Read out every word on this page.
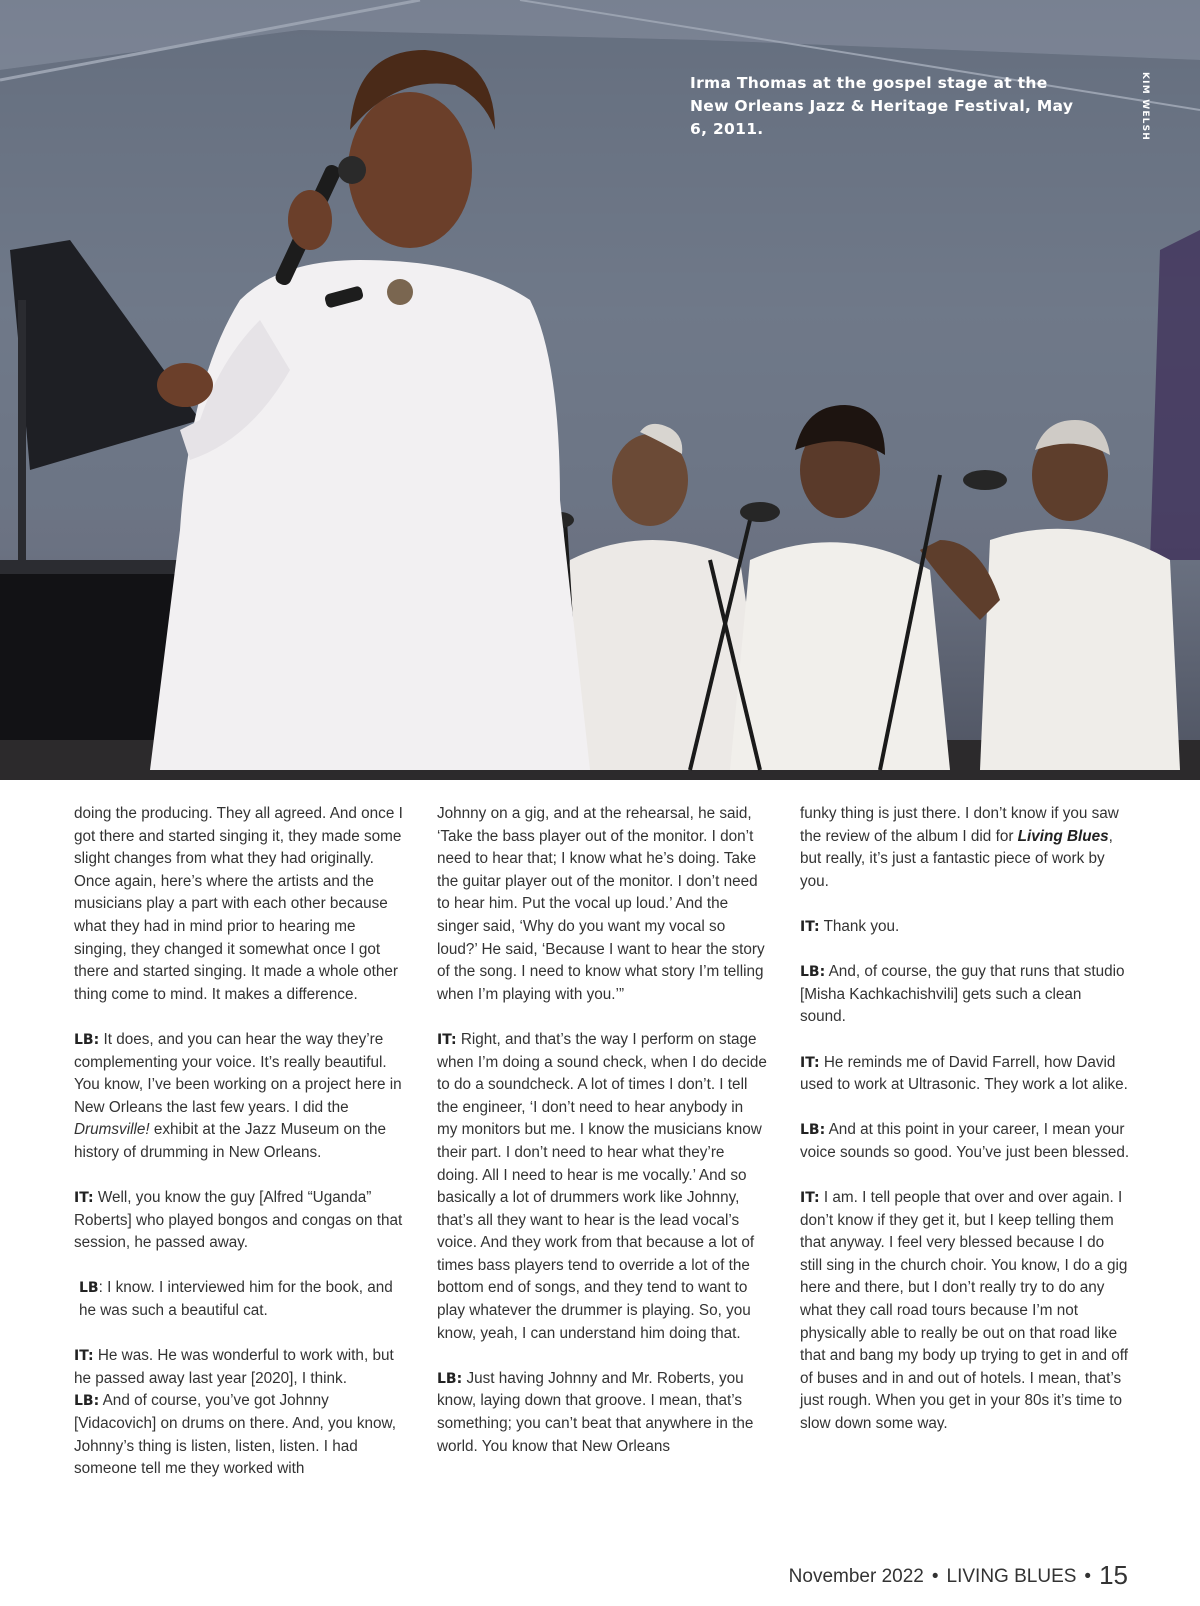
Irma Thomas at the gospel stage at the New Orleans Jazz & Heritage Festival, May 6, 2011.	KIM WELSH

doing the producing. They all agreed. And once I got there and started singing it, they made some slight changes from what they had originally. Once again, here’s where the artists and the musicians play a part with each other because what they had in mind prior to hearing me singing, they changed it somewhat once I got there and started singing. It made a whole other thing come to mind. It makes a difference.

LB: It does, and you can hear the way they’re complementing your voice. It’s really beautiful. You know, I’ve been working on a project here in New Orleans the last few years. I did the Drumsville! exhibit at the Jazz Museum on the history of drumming in New Orleans.

IT: Well, you know the guy [Alfred “Uganda” Roberts] who played bongos and congas on that session, he passed away.

LB: I know. I interviewed him for the book, and he was such a beautiful cat.

IT: He was. He was wonderful to work with, but he passed away last year [2020], I think.

LB: And of course, you’ve got Johnny [Vidacovich] on drums on there. And, you know, Johnny’s thing is listen, listen, listen. I had someone tell me they worked with

Johnny on a gig, and at the rehearsal, he said, ‘Take the bass player out of the monitor. I don’t need to hear that; I know what he’s doing. Take the guitar player out of the monitor. I don’t need to hear him. Put the vocal up loud.’ And the singer said, ‘Why do you want my vocal so loud?’ He said, ‘Because I want to hear the story of the song. I need to know what story I’m telling when I’m playing with you.’”

IT: Right, and that’s the way I perform on stage when I’m doing a sound check, when I do decide to do a soundcheck. A lot of times I don’t. I tell the engineer, ‘I don’t need to hear anybody in my monitors but me. I know the musicians know their part. I don’t need to hear what they’re doing. All I need to hear is me vocally.’ And so basically a lot of drummers work like Johnny, that’s all they want to hear is the lead vocal’s voice. And they work from that because a lot of times bass players tend to override a lot of the bottom end of songs, and they tend to want to play whatever the drummer is playing. So, you know, yeah, I can understand him doing that.

LB: Just having Johnny and Mr. Roberts, you know, laying down that groove. I mean, that’s something; you can’t beat that anywhere in the world. You know that New Orleans

funky thing is just there. I don’t know if you saw the review of the album I did for Living Blues, but really, it’s just a fantastic piece of work by you.

IT: Thank you.

LB: And, of course, the guy that runs that studio [Misha Kachkachishvili] gets such a clean sound.

IT: He reminds me of David Farrell, how David used to work at Ultrasonic. They work a lot alike.

LB: And at this point in your career, I mean your voice sounds so good. You’ve just been blessed.

IT: I am. I tell people that over and over again. I don’t know if they get it, but I keep telling them that anyway. I feel very blessed because I do still sing in the church choir. You know, I do a gig here and there, but I don’t really try to do any what they call road tours because I’m not physically able to really be out on that road like that and bang my body up trying to get in and off of buses and in and out of hotels. I mean, that’s just rough. When you get in your 80s it’s time to slow down some way.

November 2022 • LIVING BLUES • 15
